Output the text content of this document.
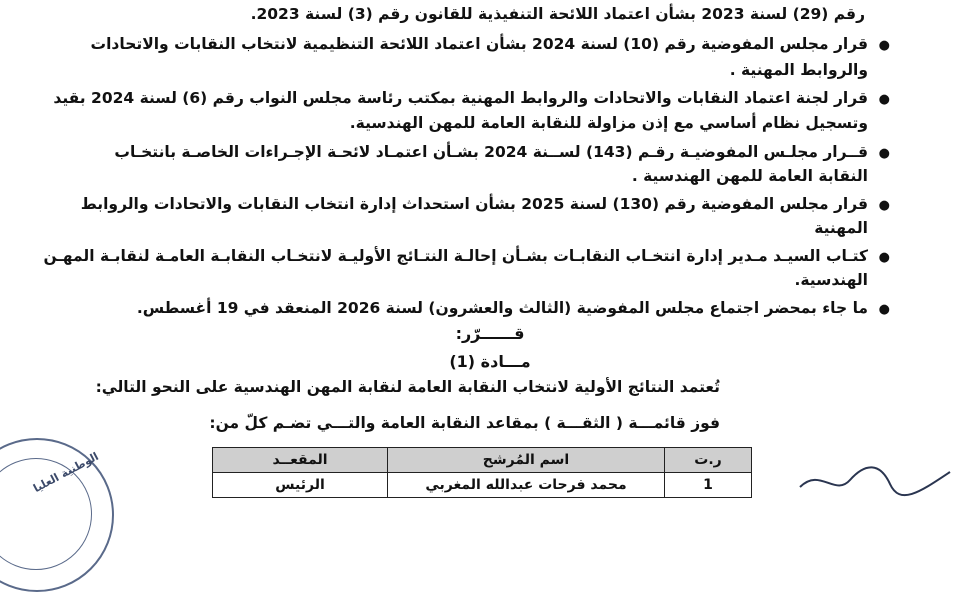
رقم (29) لسنة 2023 بشأن اعتماد اللائحة التنفيذية للقانون رقم (3) لسنة 2023.
●
قرار مجلس المفوضية رقم (10) لسنة 2024 بشأن اعتماد اللائحة التنظيمية لانتخاب النقابات والاتحادات
والروابط المهنية .
●
قرار لجنة اعتماد النقابات والاتحادات والروابط المهنية بمكتب رئاسة مجلس النواب رقم (6) لسنة 2024 بقيد
وتسجيل نظام أساسي مع إذن مزاولة للنقابة العامة للمهن الهندسية.
●
قــرار مجلـس المفوضيـة رقـم (143) لســنة 2024 بشـأن اعتمـاد لائحـة الإجـراءات الخاصـة بانتخـاب
النقابة العامة للمهن الهندسية .
●
قرار مجلس المفوضية رقم (130) لسنة 2025 بشأن استحداث إدارة انتخاب النقابات والاتحادات والروابط
المهنية
●
كتـاب السيـد مـدير إدارة انتخـاب النقابـات بشـأن إحالـة النتـائج الأوليـة لانتخـاب النقابـة العامـة لنقابـة المهـن
الهندسية.
●
ما جاء بمحضر اجتماع مجلس المفوضية (الثالث والعشرون) لسنة 2026 المنعقد في 19 أغسطس.
قــــــرّر:
مـــادة (1)
تُعتمد النتائج الأولية لانتخاب النقابة العامة لنقابة المهن الهندسية على النحو التالي:
فوز قائمـــة ( الثقـــة ) بمقاعد النقابة العامة والتـــي تضـم كلّ من:
ر.ت	اسم المُرشح	المقعــد
1	محمد فرحات عبدالله المغربي	الرئيس
الوطنية العليا
